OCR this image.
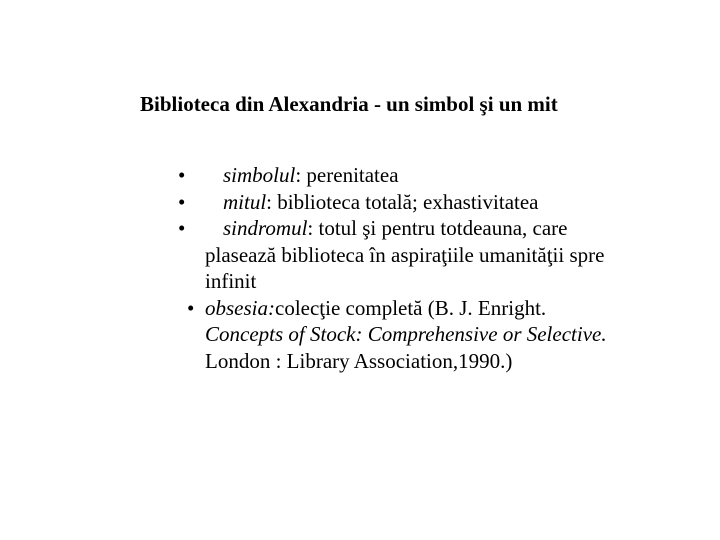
Biblioteca din Alexandria - un simbol şi un mit
•	simbolul: perenitatea
•	mitul: biblioteca totală; exhastivitatea
•	sindromul: totul şi pentru totdeauna, care
plasează biblioteca în aspiraţiile umanităţii spre
infinit
• obsesia:colecţie completă (B. J. Enright.
Concepts of Stock: Comprehensive or Selective.
London : Library Association,1990.)
